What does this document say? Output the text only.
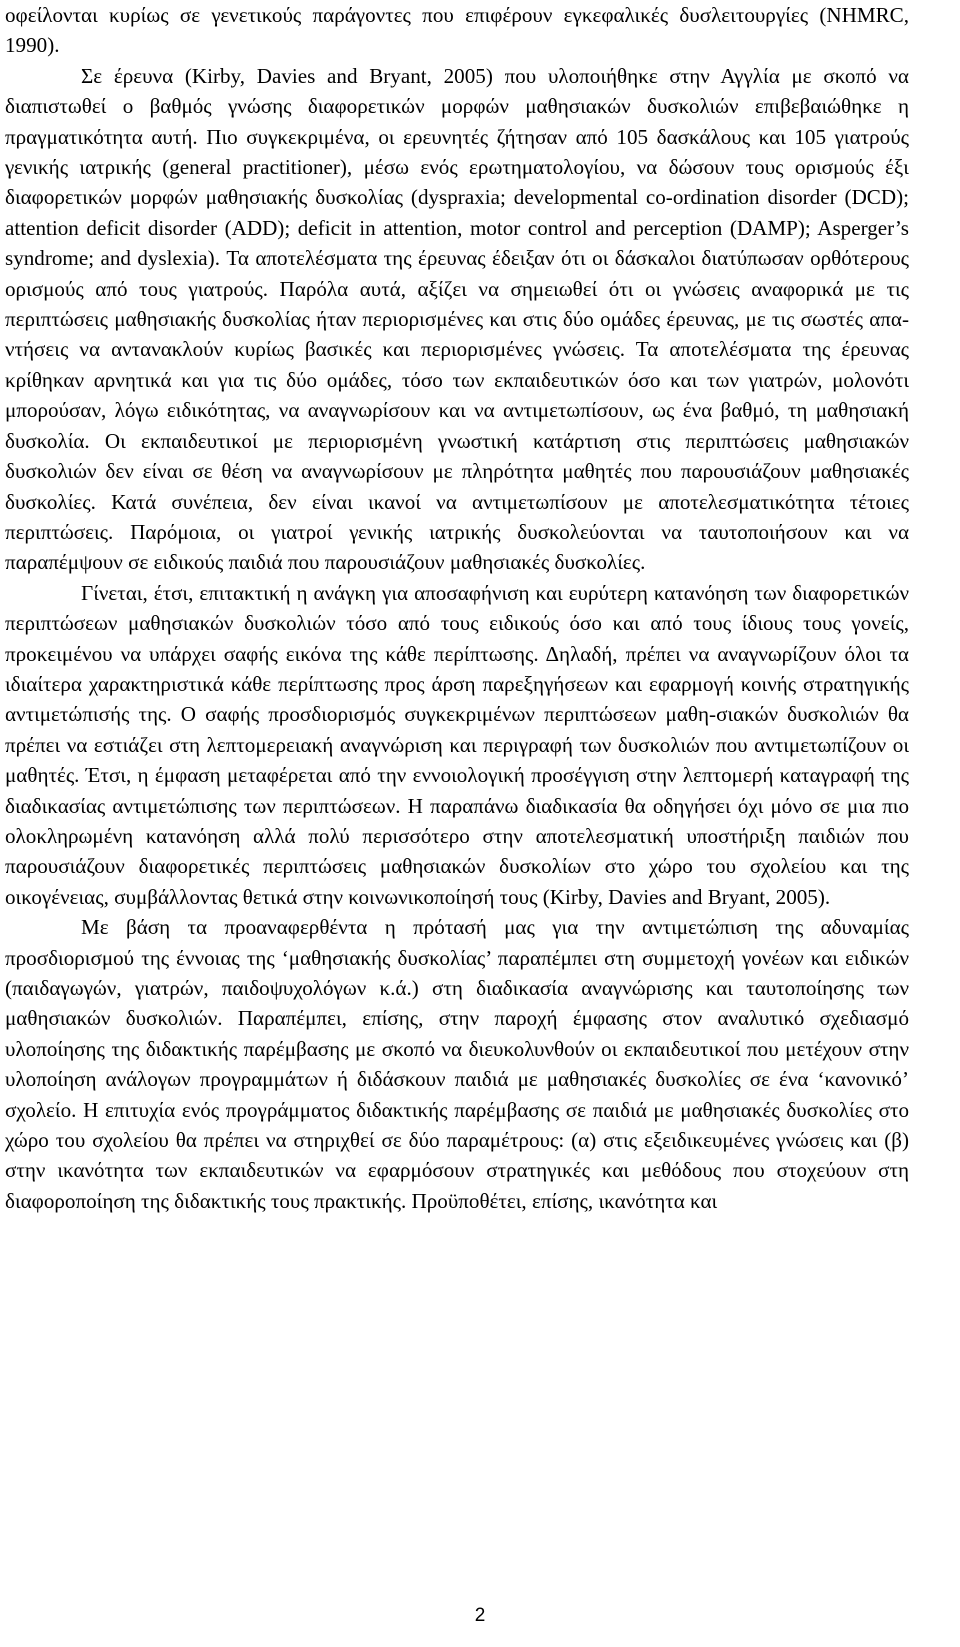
οφείλονται κυρίως σε γενετικούς παράγοντες που επιφέρουν εγκεφαλικές δυσλειτουργίες (NHMRC, 1990).

Σε έρευνα (Kirby, Davies and Bryant, 2005) που υλοποιήθηκε στην Αγγλία με σκοπό να διαπιστωθεί ο βαθμός γνώσης διαφορετικών μορφών μαθησιακών δυσκολιών επιβεβαιώθηκε η πραγματικότητα αυτή. Πιο συγκεκριμένα, οι ερευνητές ζήτησαν από 105 δασκάλους και 105 γιατρούς γενικής ιατρικής (general practitioner), μέσω ενός ερωτηματολογίου, να δώσουν τους ορισμούς έξι διαφορετικών μορφών μαθησιακής δυσκολίας (dyspraxia; developmental co-ordination disorder (DCD); attention deficit disorder (ADD); deficit in attention, motor control and perception (DAMP); Asperger’s syndrome; and dyslexia). Τα αποτελέσματα της έρευνας έδειξαν ότι οι δάσκαλοι διατύπωσαν ορθότερους ορισμούς από τους γιατρούς. Παρόλα αυτά, αξίζει να σημειωθεί ότι οι γνώσεις αναφορικά με τις περιπτώσεις μαθησιακής δυσκολίας ήταν περιορισμένες και στις δύο ομάδες έρευνας, με τις σωστές απαντήσεις να αντανακλούν κυρίως βασικές και περιορισμένες γνώσεις. Τα αποτελέσματα της έρευνας κρίθηκαν αρνητικά και για τις δύο ομάδες, τόσο των εκπαιδευτικών όσο και των γιατρών, μολονότι μπορούσαν, λόγω ειδικότητας, να αναγνωρίσουν και να αντιμετωπίσουν, ως ένα βαθμό, τη μαθησιακή δυσκολία. Οι εκπαιδευτικοί με περιορισμένη γνωστική κατάρτιση στις περιπτώσεις μαθησιακών δυσκολιών δεν είναι σε θέση να αναγνωρίσουν με πληρότητα μαθητές που παρουσιάζουν μαθησιακές δυσκολίες. Κατά συνέπεια, δεν είναι ικανοί να αντιμετωπίσουν με αποτελεσματικότητα τέτοιες περιπτώσεις. Παρόμοια, οι γιατροί γενικής ιατρικής δυσκολεύονται να ταυτοποιήσουν και να παραπέμψουν σε ειδικούς παιδιά που παρουσιάζουν μαθησιακές δυσκολίες.

Γίνεται, έτσι, επιτακτική η ανάγκη για αποσαφήνιση και ευρύτερη κατανόηση των διαφορετικών περιπτώσεων μαθησιακών δυσκολιών τόσο από τους ειδικούς όσο και από τους ίδιους τους γονείς, προκειμένου να υπάρχει σαφής εικόνα της κάθε περίπτωσης. Δηλαδή, πρέπει να αναγνωρίζουν όλοι τα ιδιαίτερα χαρακτηριστικά κάθε περίπτωσης προς άρση παρεξηγήσεων και εφαρμογή κοινής στρατηγικής αντιμετώπισής της. Ο σαφής προσδιορισμός συγκεκριμένων περιπτώσεων μαθη-σιακών δυσκολιών θα πρέπει να εστιάζει στη λεπτομερειακή αναγνώριση και περιγραφή των δυσκολιών που αντιμετωπίζουν οι μαθητές. Έτσι, η έμφαση μεταφέρεται από την εννοιολογική προσέγγιση στην λεπτομερή καταγραφή της διαδικασίας αντιμετώπισης των περιπτώσεων. Η παραπάνω διαδικασία θα οδηγήσει όχι μόνο σε μια πιο ολοκληρωμένη κατανόηση αλλά πολύ περισσότερο στην αποτελεσματική υποστήριξη παιδιών που παρουσιάζουν διαφορετικές περιπτώσεις μαθησιακών δυσκολίων στο χώρο του σχολείου και της οικογένειας, συμβάλλοντας θετικά στην κοινωνικοποίησή τους (Kirby, Davies and Bryant, 2005).

Με βάση τα προαναφερθέντα η πρότασή μας για την αντιμετώπιση της αδυναμίας προσδιορισμού της έννοιας της ‘μαθησιακής δυσκολίας’ παραπέμπει στη συμμετοχή γονέων και ειδικών (παιδαγωγών, γιατρών, παιδοψυχολόγων κ.ά.) στη διαδικασία αναγνώρισης και ταυτοποίησης των μαθησιακών δυσκολιών. Παραπέμπει, επίσης, στην παροχή έμφασης στον αναλυτικό σχεδιασμό υλοποίησης της διδακτικής παρέμβασης με σκοπό να διευκολυνθούν οι εκπαιδευτικοί που μετέχουν στην υλοποίηση ανάλογων προγραμμάτων ή διδάσκουν παιδιά με μαθησιακές δυσκολίες σε ένα ‘κανονικό’ σχολείο. Η επιτυχία ενός προγράμματος διδακτικής παρέμβασης σε παιδιά με μαθησιακές δυσκολίες στο χώρο του σχολείου θα πρέπει να στηριχθεί σε δύο παραμέτρους: (α) στις εξειδικευμένες γνώσεις και (β) στην ικανότητα των εκπαιδευτικών να εφαρμόσουν στρατηγικές και μεθόδους που στοχεύουν στη διαφοροποίηση της διδακτικής τους πρακτικής. Προϋποθέτει, επίσης, ικανότητα και

2
